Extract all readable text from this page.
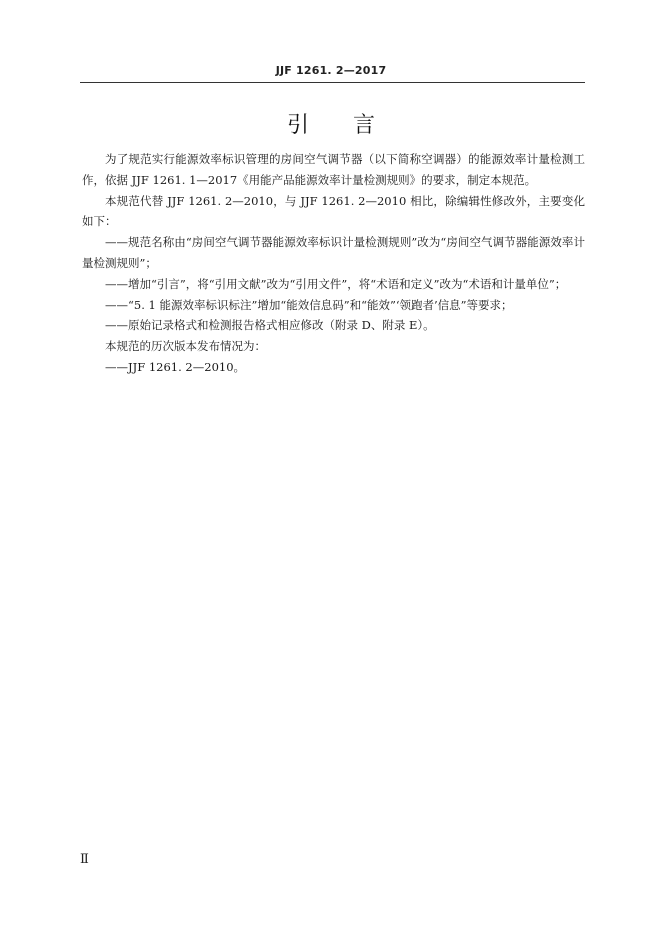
JJF 1261. 2—2017
引言

为了规范实行能源效率标识管理的房间空气调节器（以下简称空调器）的能源效率计量检测工作，依据 JJF 1261. 1—2017《用能产品能源效率计量检测规则》的要求，制定本规范。

本规范代替 JJF 1261. 2—2010，与 JJF 1261. 2—2010 相比，除编辑性修改外，主要变化如下：

——规范名称由“房间空气调节器能源效率标识计量检测规则”改为“房间空气调节器能源效率计量检测规则”；

——增加“引言”，将“引用文献”改为“引用文件”，将“术语和定义”改为“术语和计量单位”；

——“5. 1 能源效率标识标注”增加“能效信息码”和“能效”‘领跑者’信息”等要求；

——原始记录格式和检测报告格式相应修改（附录 D、附录 E）。

本规范的历次版本发布情况为：

——JJF 1261. 2—2010。

Ⅱ
